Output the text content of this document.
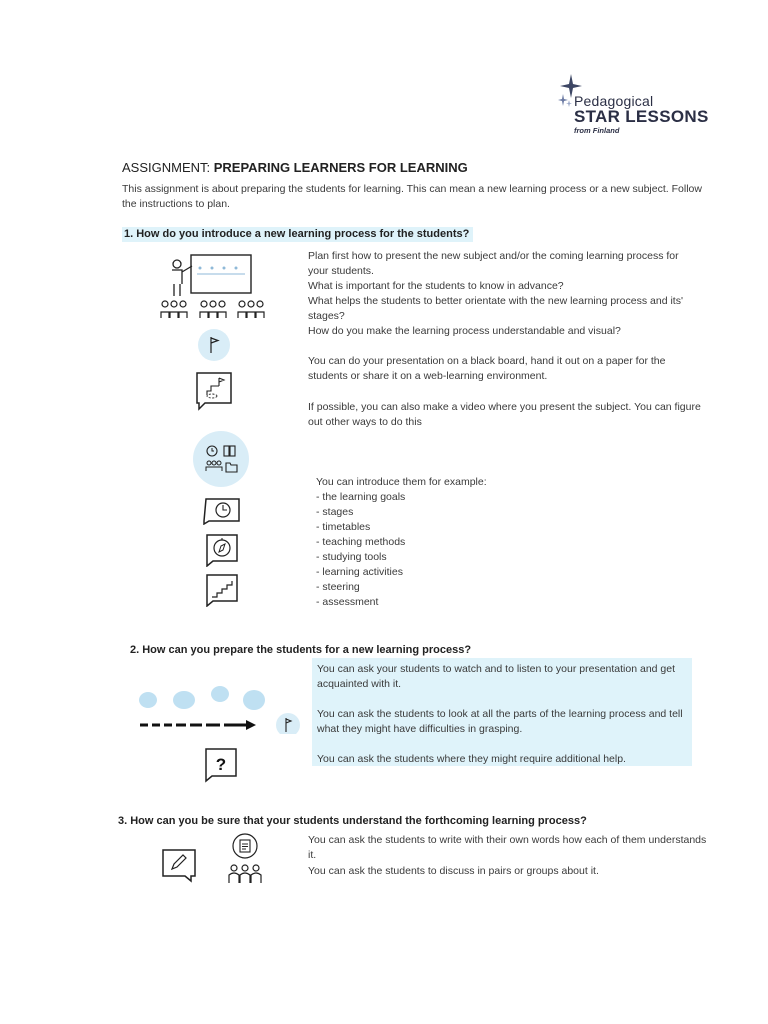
Pedagogical
STAR LESSONS
from Finland
ASSIGNMENT: PREPARING LEARNERS FOR LEARNING
This assignment is about preparing the students for learning. This can mean a new learning process or a new subject. Follow the instructions to plan.
1. How do you introduce a new learning process for the students?
Plan first how to present the new subject and/or the coming learning process for your students.
What is important for the students to know in advance?
What helps the students to better orientate with the new learning process and its' stages?
How do you make the learning process understandable and visual?
You can do your presentation on a black board, hand it out on a paper for the students or share it on a web-learning environment.
If possible, you can also make a video where you present the subject. You can figure out other ways to do this
You can introduce them for example:
- the learning goals
- stages
- timetables
- teaching methods
- studying tools
- learning activities
- steering
- assessment
2. How can you prepare the students for a new learning process?
You can ask your students to watch and to listen to your presentation and get acquainted with it.
You can ask the students to look at all the parts of the learning process and tell what they might have difficulties in grasping.
You can ask the students where they might require additional help.
?
3. How can you be sure that your students understand the forthcoming learning process?
You can ask the students to write with their own words how each of them understands it.
You can ask the students to discuss in pairs or groups about it.
